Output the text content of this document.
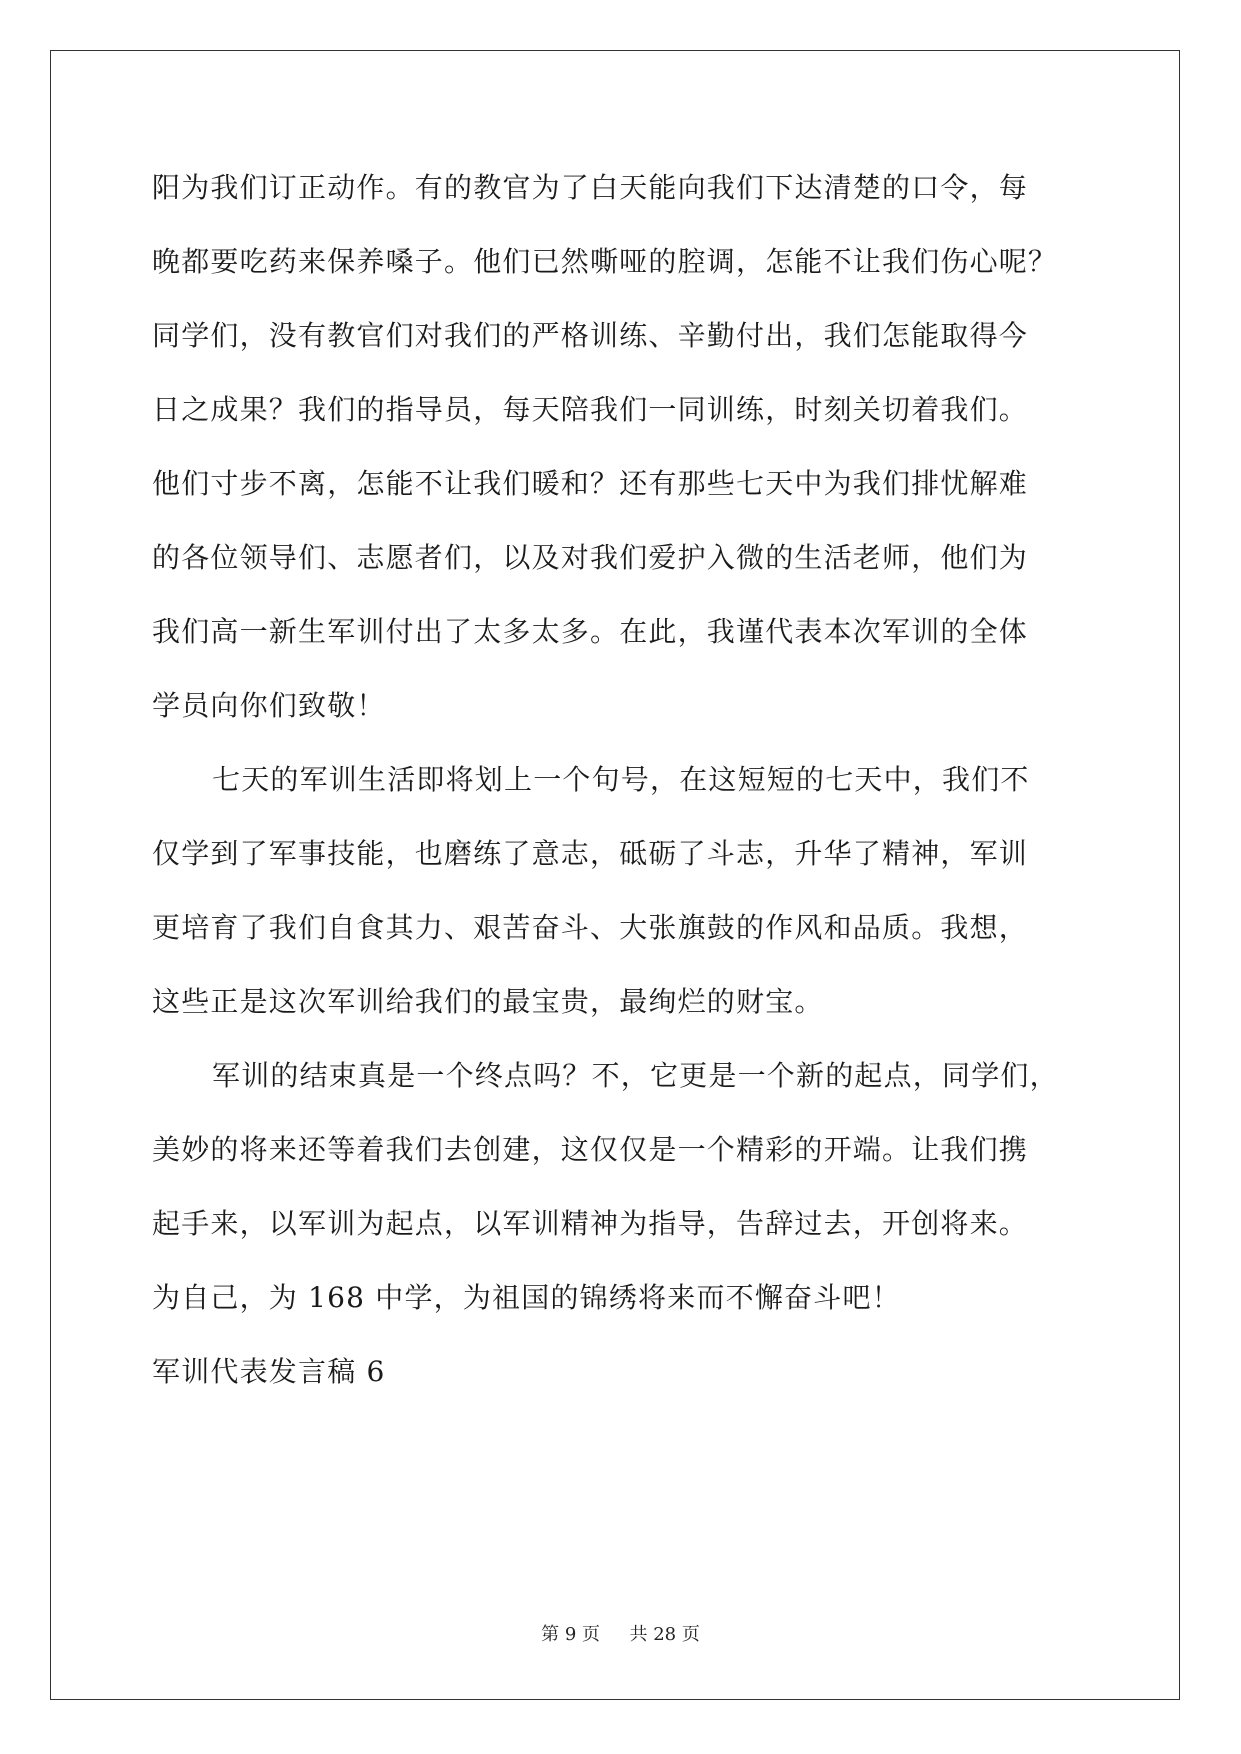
阳为我们订正动作。有的教官为了白天能向我们下达清楚的口令，每
晚都要吃药来保养嗓子。他们已然嘶哑的腔调，怎能不让我们伤心呢？
同学们，没有教官们对我们的严格训练、辛勤付出，我们怎能取得今
日之成果？我们的指导员，每天陪我们一同训练，时刻关切着我们。
他们寸步不离，怎能不让我们暖和？还有那些七天中为我们排忧解难
的各位领导们、志愿者们，以及对我们爱护入微的生活老师，他们为
我们高一新生军训付出了太多太多。在此，我谨代表本次军训的全体
学员向你们致敬！
七天的军训生活即将划上一个句号，在这短短的七天中，我们不
仅学到了军事技能，也磨练了意志，砥砺了斗志，升华了精神，军训
更培育了我们自食其力、艰苦奋斗、大张旗鼓的作风和品质。我想，
这些正是这次军训给我们的最宝贵，最绚烂的财宝。
军训的结束真是一个终点吗？不，它更是一个新的起点，同学们，
美妙的将来还等着我们去创建，这仅仅是一个精彩的开端。让我们携
起手来，以军训为起点，以军训精神为指导，告辞过去，开创将来。
为自己，为 168 中学，为祖国的锦绣将来而不懈奋斗吧！
军训代表发言稿 6
第 9 页 共 28 页
